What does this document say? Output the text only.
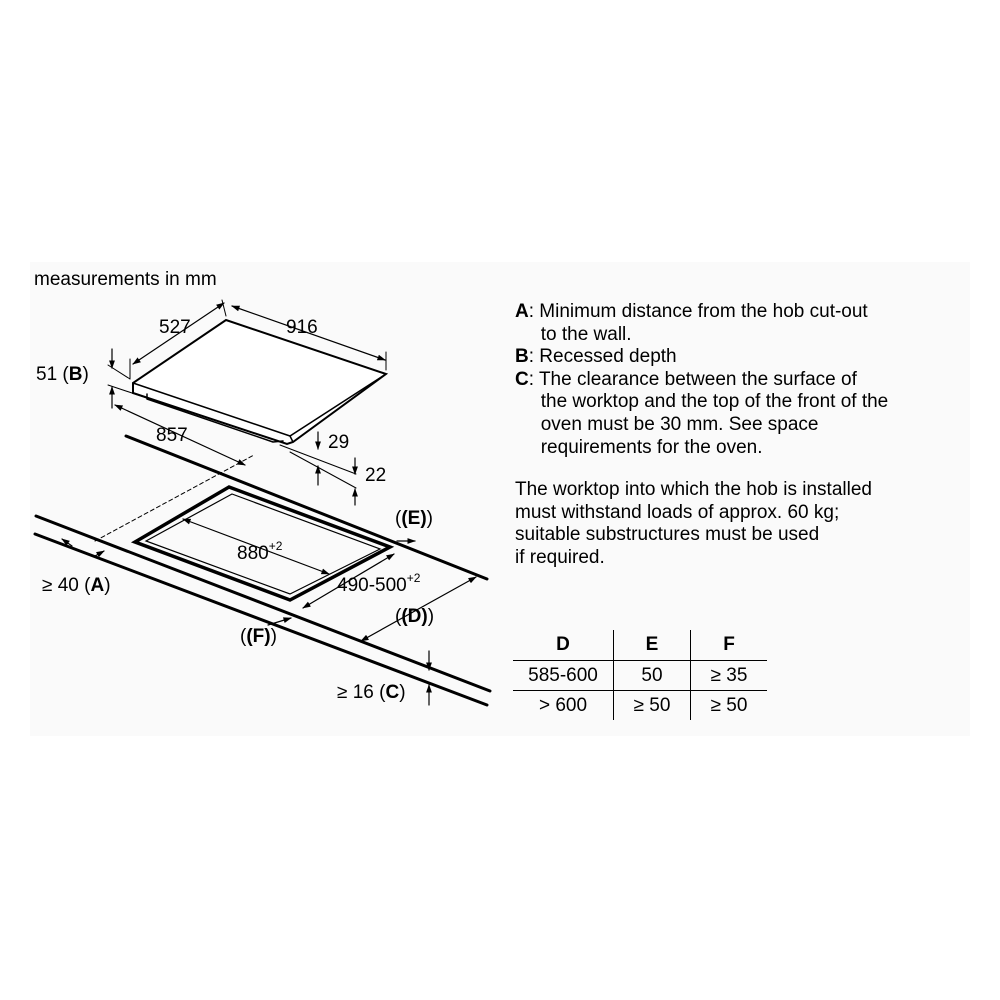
measurements in mm
527	916
51 (B)
857	29
22
$880^{+2}$
$490-500^{+2}$
((E))
((D))
((F))
≥ 40 (A)
≥ 16 (C)
A : Minimum distance from the hob cut-out

to the wall.

B : Recessed depth

C : The clearance between the surface of

the worktop and the top of the front of the

oven must be 30 mm. See space

requirements for the oven.

The worktop into which the hob is installed
must withstand loads of approx. 60 kg;
suitable substructures must be used
if required.
D	E	F
585-600	50	≥ 35
> 600	≥ 50	≥ 50
